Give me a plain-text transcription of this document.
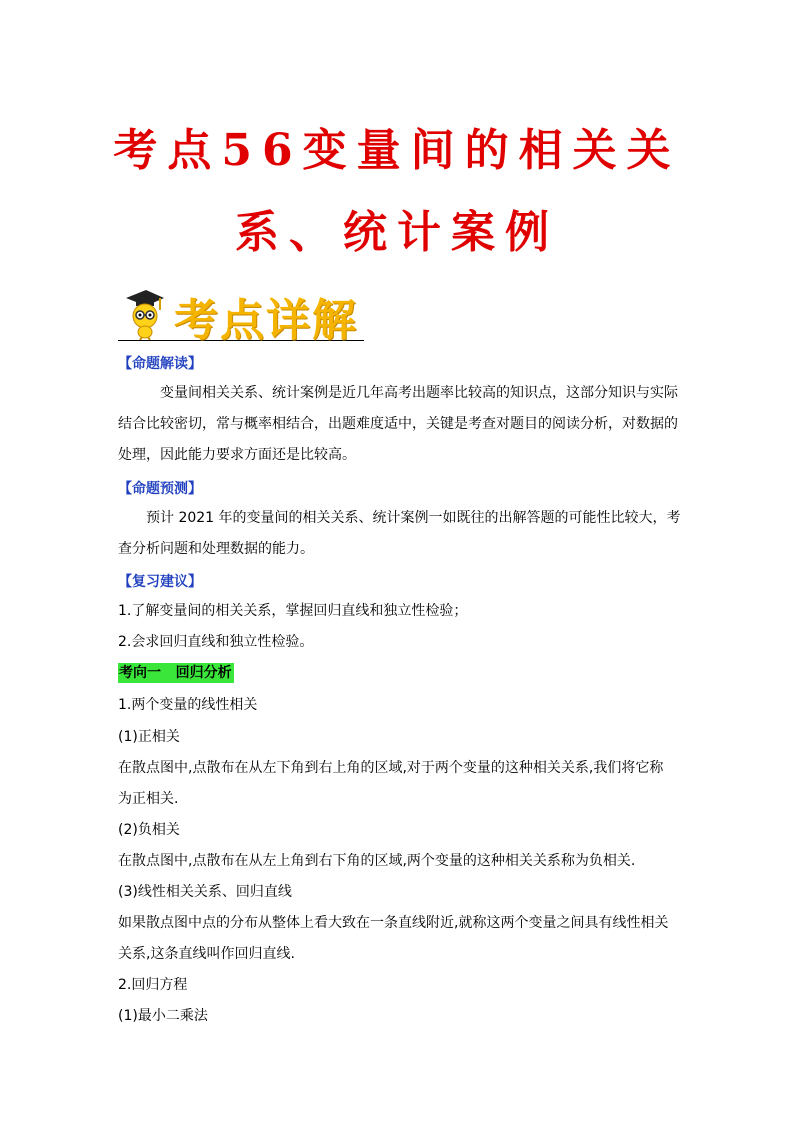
考点56变量间的相关关
系、统计案例
考点详解
【命题解读】
变量间相关关系、统计案例是近几年高考出题率比较高的知识点，这部分知识与实际
结合比较密切，常与概率相结合，出题难度适中，关键是考查对题目的阅读分析，对数据的
处理，因此能力要求方面还是比较高。
【命题预测】
预计 2021 年的变量间的相关关系、统计案例一如既往的出解答题的可能性比较大，考
查分析问题和处理数据的能力。
【复习建议】
1.了解变量间的相关关系，掌握回归直线和独立性检验；
2.会求回归直线和独立性检验。
考向一   回归分析
1.两个变量的线性相关
(1)正相关
在散点图中,点散布在从左下角到右上角的区域,对于两个变量的这种相关关系,我们将它称
为正相关.
(2)负相关
在散点图中,点散布在从左上角到右下角的区域,两个变量的这种相关关系称为负相关.
(3)线性相关关系、回归直线
如果散点图中点的分布从整体上看大致在一条直线附近,就称这两个变量之间具有线性相关
关系,这条直线叫作回归直线.
2.回归方程
(1)最小二乘法
